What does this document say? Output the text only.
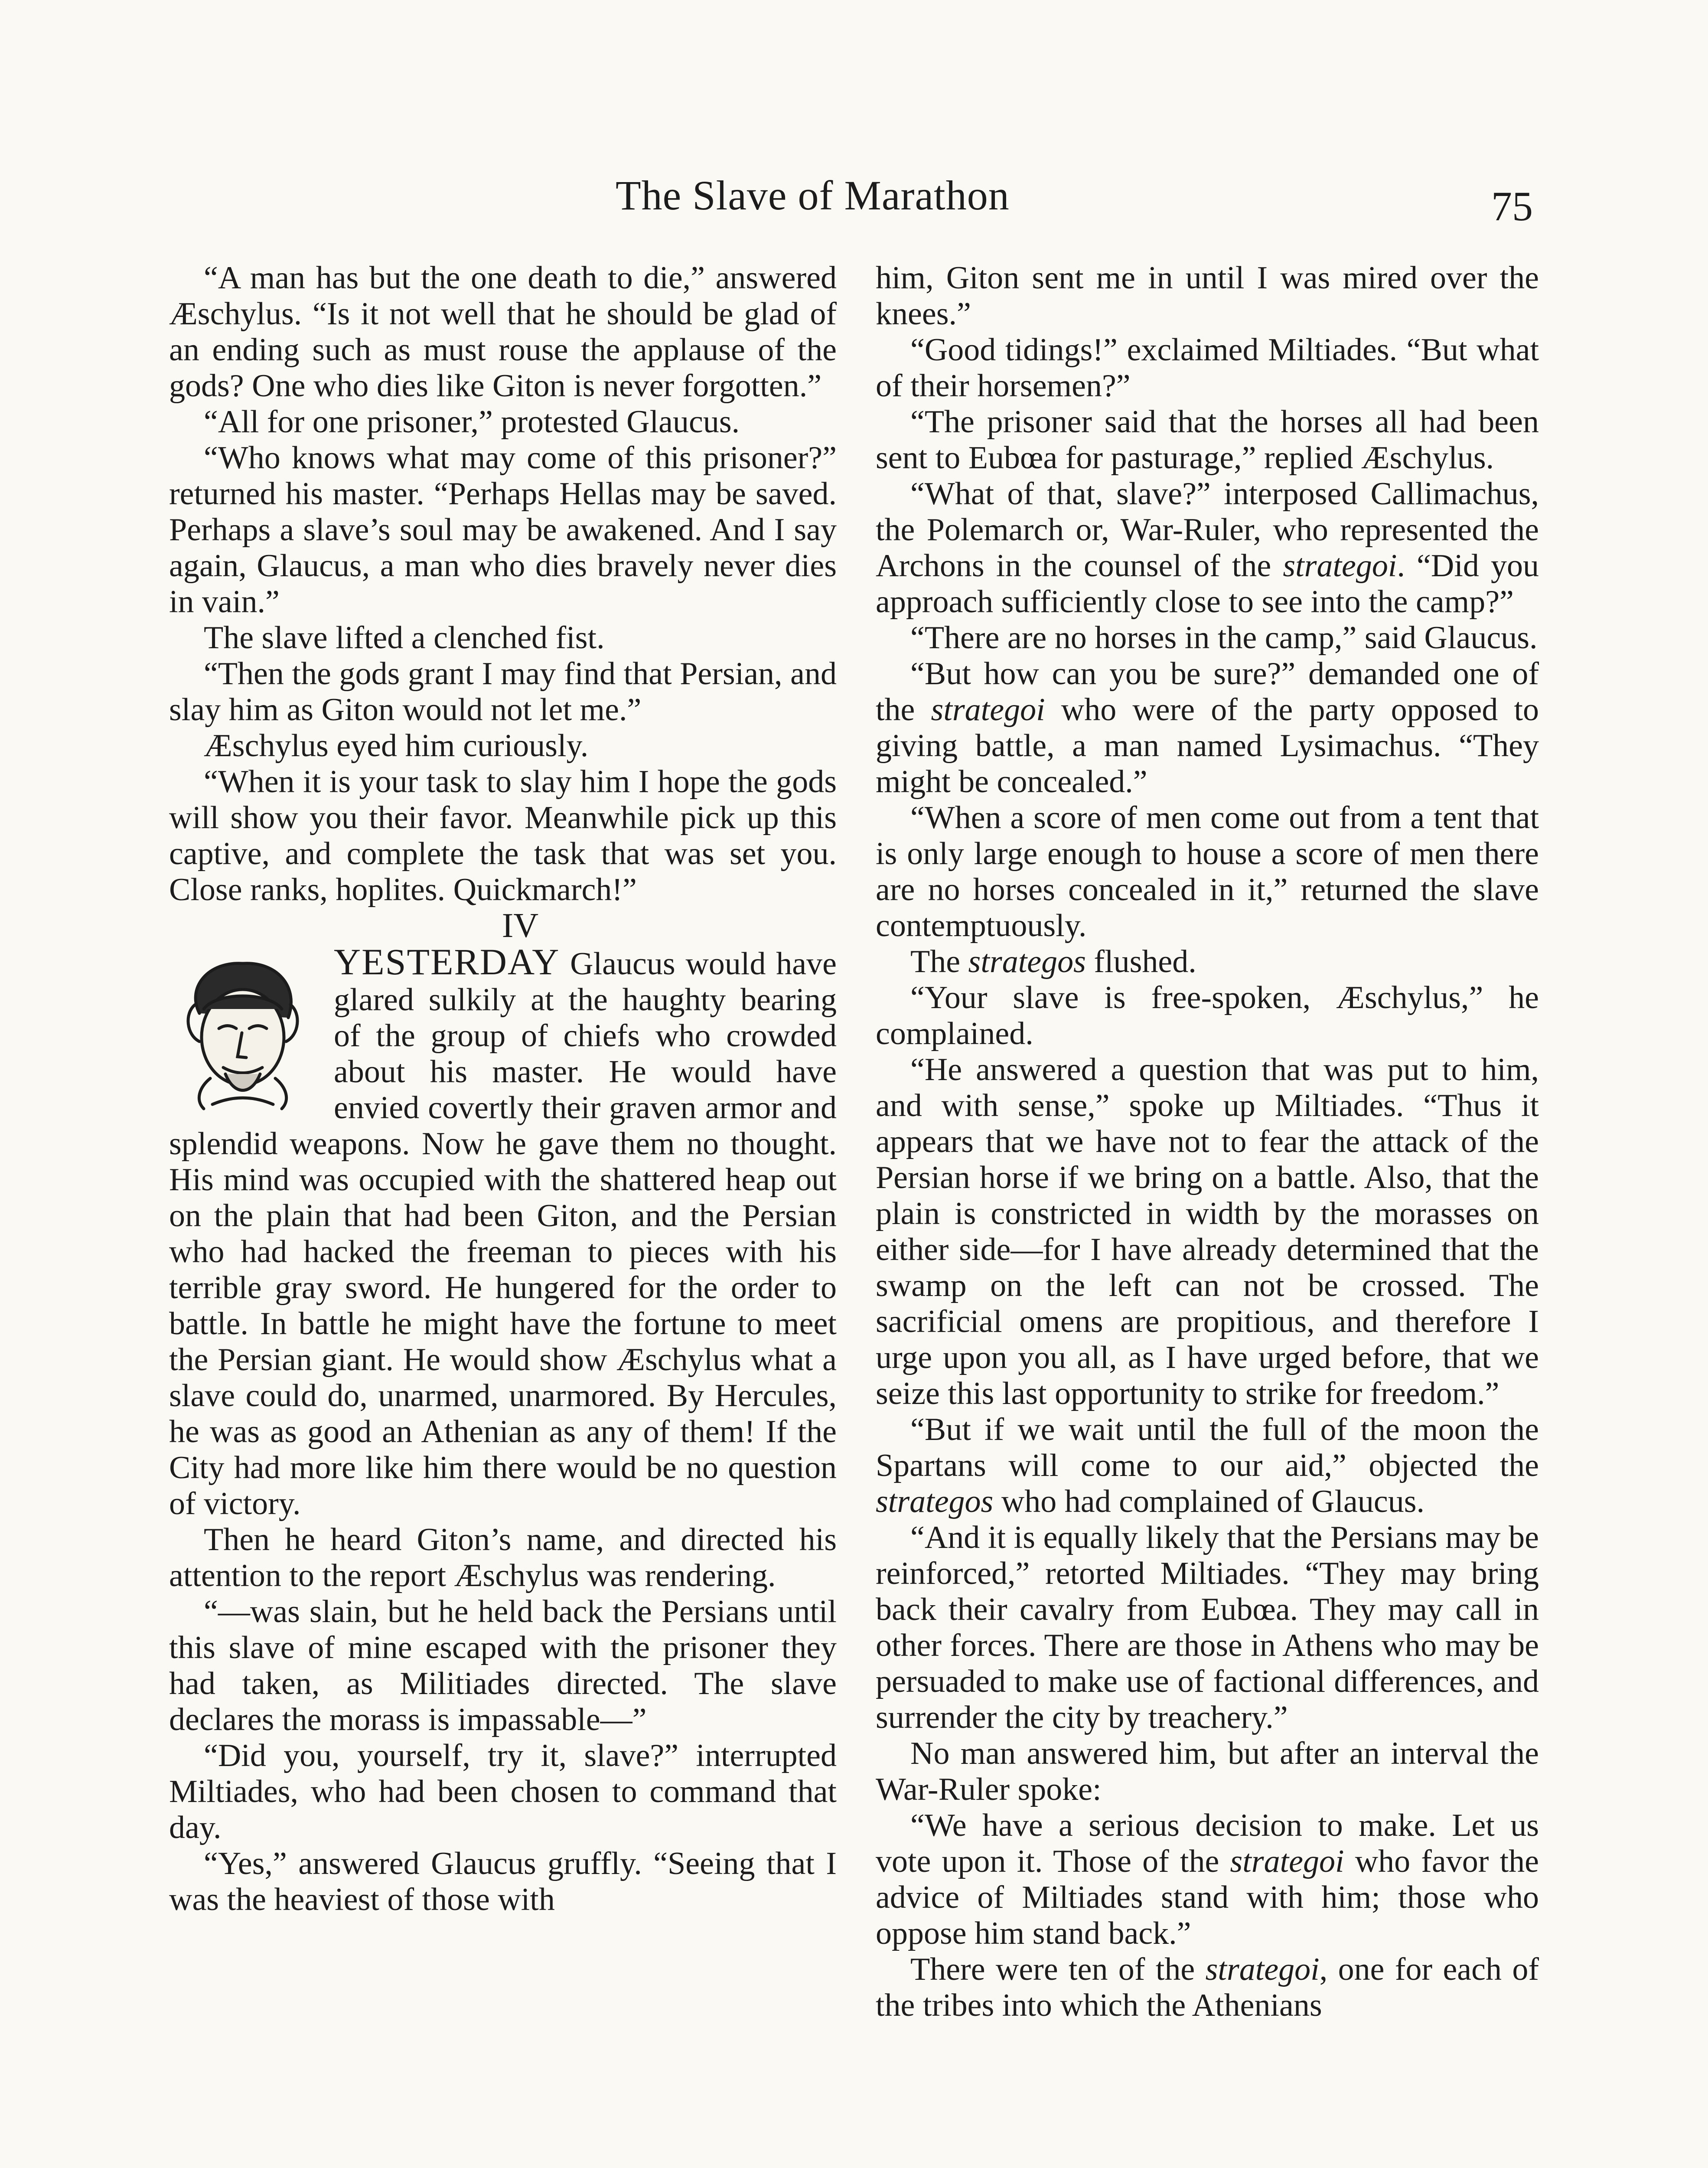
The Slave of Marathon	75

“A man has but the one death to die,” answered Æschylus. “Is it not well that he should be glad of an ending such as must rouse the applause of the gods? One who dies like Giton is never forgotten.”

“All for one prisoner,” protested Glaucus.

“Who knows what may come of this prisoner?” returned his master. “Perhaps Hellas may be saved. Perhaps a slave’s soul may be awakened. And I say again, Glaucus, a man who dies bravely never dies in vain.”

The slave lifted a clenched fist.

“Then the gods grant I may find that Persian, and slay him as Giton would not let me.”

Æschylus eyed him curiously.

“When it is your task to slay him I hope the gods will show you their favor. Meanwhile pick up this captive, and complete the task that was set you. Close ranks, hoplites. Quickmarch!”

IV

YESTERDAY Glaucus would have glared sulkily at the haughty bearing of the group of chiefs who crowded about his master. He would have envied covertly their graven armor and splendid weapons. Now he gave them no thought. His mind was occupied with the shattered heap out on the plain that had been Giton, and the Persian who had hacked the freeman to pieces with his terrible gray sword. He hungered for the order to battle. In battle he might have the fortune to meet the Persian giant. He would show Æschylus what a slave could do, unarmed, unarmored. By Hercules, he was as good an Athenian as any of them! If the City had more like him there would be no question of victory.

Then he heard Giton’s name, and directed his attention to the report Æschylus was rendering.

“—was slain, but he held back the Persians until this slave of mine escaped with the prisoner they had taken, as Militiades directed. The slave declares the morass is impassable—”

“Did you, yourself, try it, slave?” interrupted Miltiades, who had been chosen to command that day.

“Yes,” answered Glaucus gruffly. “Seeing that I was the heaviest of those with

him, Giton sent me in until I was mired over the knees.”

“Good tidings!” exclaimed Miltiades. “But what of their horsemen?”

“The prisoner said that the horses all had been sent to Eubœa for pasturage,” replied Æschylus.

“What of that, slave?” interposed Callimachus, the Polemarch or, War-Ruler, who represented the Archons in the counsel of the strategoi. “Did you approach sufficiently close to see into the camp?”

“There are no horses in the camp,” said Glaucus.

“But how can you be sure?” demanded one of the strategoi who were of the party opposed to giving battle, a man named Lysimachus. “They might be concealed.”

“When a score of men come out from a tent that is only large enough to house a score of men there are no horses concealed in it,” returned the slave contemptuously.

The strategos flushed.

“Your slave is free-spoken, Æschylus,” he complained.

“He answered a question that was put to him, and with sense,” spoke up Miltiades. “Thus it appears that we have not to fear the attack of the Persian horse if we bring on a battle. Also, that the plain is constricted in width by the morasses on either side—for I have already determined that the swamp on the left can not be crossed. The sacrificial omens are propitious, and therefore I urge upon you all, as I have urged before, that we seize this last opportunity to strike for freedom.”

“But if we wait until the full of the moon the Spartans will come to our aid,” objected the strategos who had complained of Glaucus.

“And it is equally likely that the Persians may be reinforced,” retorted Miltiades. “They may bring back their cavalry from Eubœa. They may call in other forces. There are those in Athens who may be persuaded to make use of factional differences, and surrender the city by treachery.”

No man answered him, but after an interval the War-Ruler spoke:

“We have a serious decision to make. Let us vote upon it. Those of the strategoi who favor the advice of Miltiades stand with him; those who oppose him stand back.”

There were ten of the strategoi, one for each of the tribes into which the Athenians
